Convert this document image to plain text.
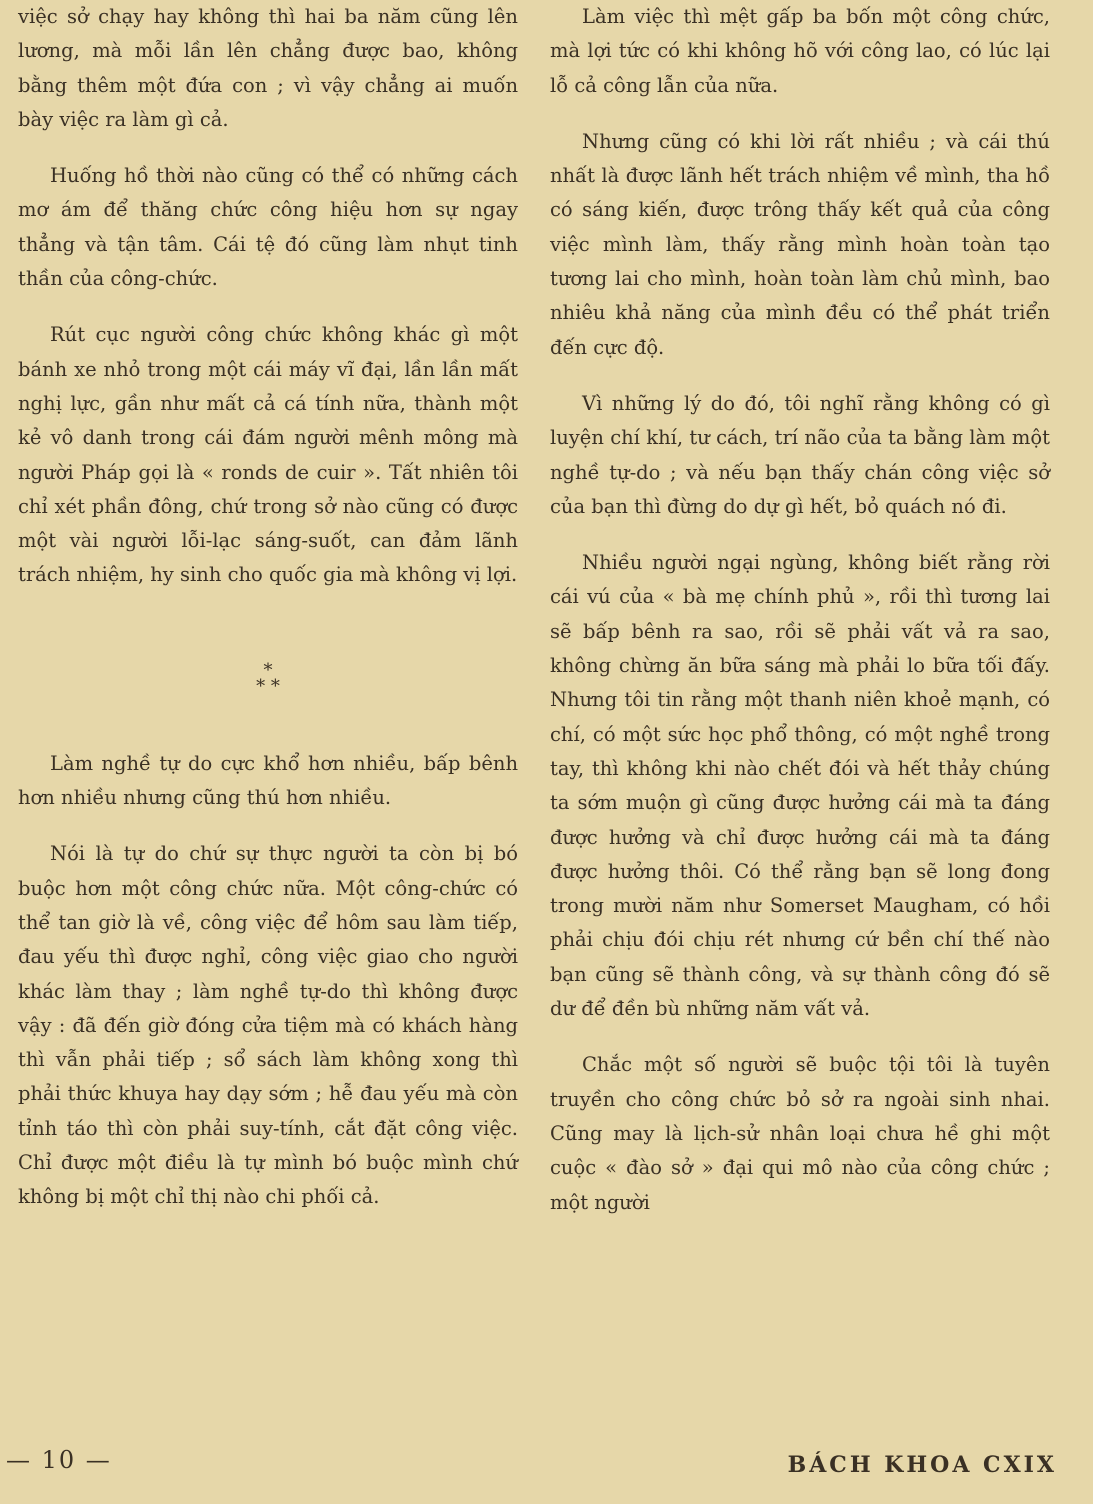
việc sở chạy hay không thì hai ba năm cũng lên lương, mà mỗi lần lên chẳng được bao, không bằng thêm một đứa con ; vì vậy chẳng ai muốn bày việc ra làm gì cả.

Huống hồ thời nào cũng có thể có những cách mơ ám để thăng chức công hiệu hơn sự ngay thẳng và tận tâm. Cái tệ đó cũng làm nhụt tinh thần của công-chức.

Rút cục người công chức không khác gì một bánh xe nhỏ trong một cái máy vĩ đại, lần lần mất nghị lực, gần như mất cả cá tính nữa, thành một kẻ vô danh trong cái đám người mênh mông mà người Pháp gọi là « ronds de cuir ». Tất nhiên tôi chỉ xét phần đông, chứ trong sở nào cũng có được một vài người lỗi-lạc sáng-suốt, can đảm lãnh trách nhiệm, hy sinh cho quốc gia mà không vị lợi.

*
* *

Làm nghề tự do cực khổ hơn nhiều, bấp bênh hơn nhiều nhưng cũng thú hơn nhiều.

Nói là tự do chứ sự thực người ta còn bị bó buộc hơn một công chức nữa. Một công-chức có thể tan giờ là về, công việc để hôm sau làm tiếp, đau yếu thì được nghỉ, công việc giao cho người khác làm thay ; làm nghề tự-do thì không được vậy : đã đến giờ đóng cửa tiệm mà có khách hàng thì vẫn phải tiếp ; sổ sách làm không xong thì phải thức khuya hay dạy sớm ; hễ đau yếu mà còn tỉnh táo thì còn phải suy-tính, cắt đặt công việc. Chỉ được một điều là tự mình bó buộc mình chứ không bị một chỉ thị nào chi phối cả.

Làm việc thì mệt gấp ba bốn một công chức, mà lợi tức có khi không hõ với công lao, có lúc lại lỗ cả công lẫn của nữa.

Nhưng cũng có khi lời rất nhiều ; và cái thú nhất là được lãnh hết trách nhiệm về mình, tha hồ có sáng kiến, được trông thấy kết quả của công việc mình làm, thấy rằng mình hoàn toàn tạo tương lai cho mình, hoàn toàn làm chủ mình, bao nhiêu khả năng của mình đều có thể phát triển đến cực độ.

Vì những lý do đó, tôi nghĩ rằng không có gì luyện chí khí, tư cách, trí não của ta bằng làm một nghề tự-do ; và nếu bạn thấy chán công việc sở của bạn thì đừng do dự gì hết, bỏ quách nó đi.

Nhiều người ngại ngùng, không biết rằng rời cái vú của « bà mẹ chính phủ », rồi thì tương lai sẽ bấp bênh ra sao, rồi sẽ phải vất vả ra sao, không chừng ăn bữa sáng mà phải lo bữa tối đấy. Nhưng tôi tin rằng một thanh niên khoẻ mạnh, có chí, có một sức học phổ thông, có một nghề trong tay, thì không khi nào chết đói và hết thảy chúng ta sớm muộn gì cũng được hưởng cái mà ta đáng được hưởng và chỉ được hưởng cái mà ta đáng được hưởng thôi. Có thể rằng bạn sẽ long đong trong mười năm như Somerset Maugham, có hồi phải chịu đói chịu rét nhưng cứ bền chí thế nào bạn cũng sẽ thành công, và sự thành công đó sẽ dư để đền bù những năm vất vả.

Chắc một số người sẽ buộc tội tôi là tuyên truyền cho công chức bỏ sở ra ngoài sinh nhai. Cũng may là lịch-sử nhân loại chưa hề ghi một cuộc « đào sở » đại qui mô nào của công chức ; một người

— 10 —	BÁCH KHOA CXIX
